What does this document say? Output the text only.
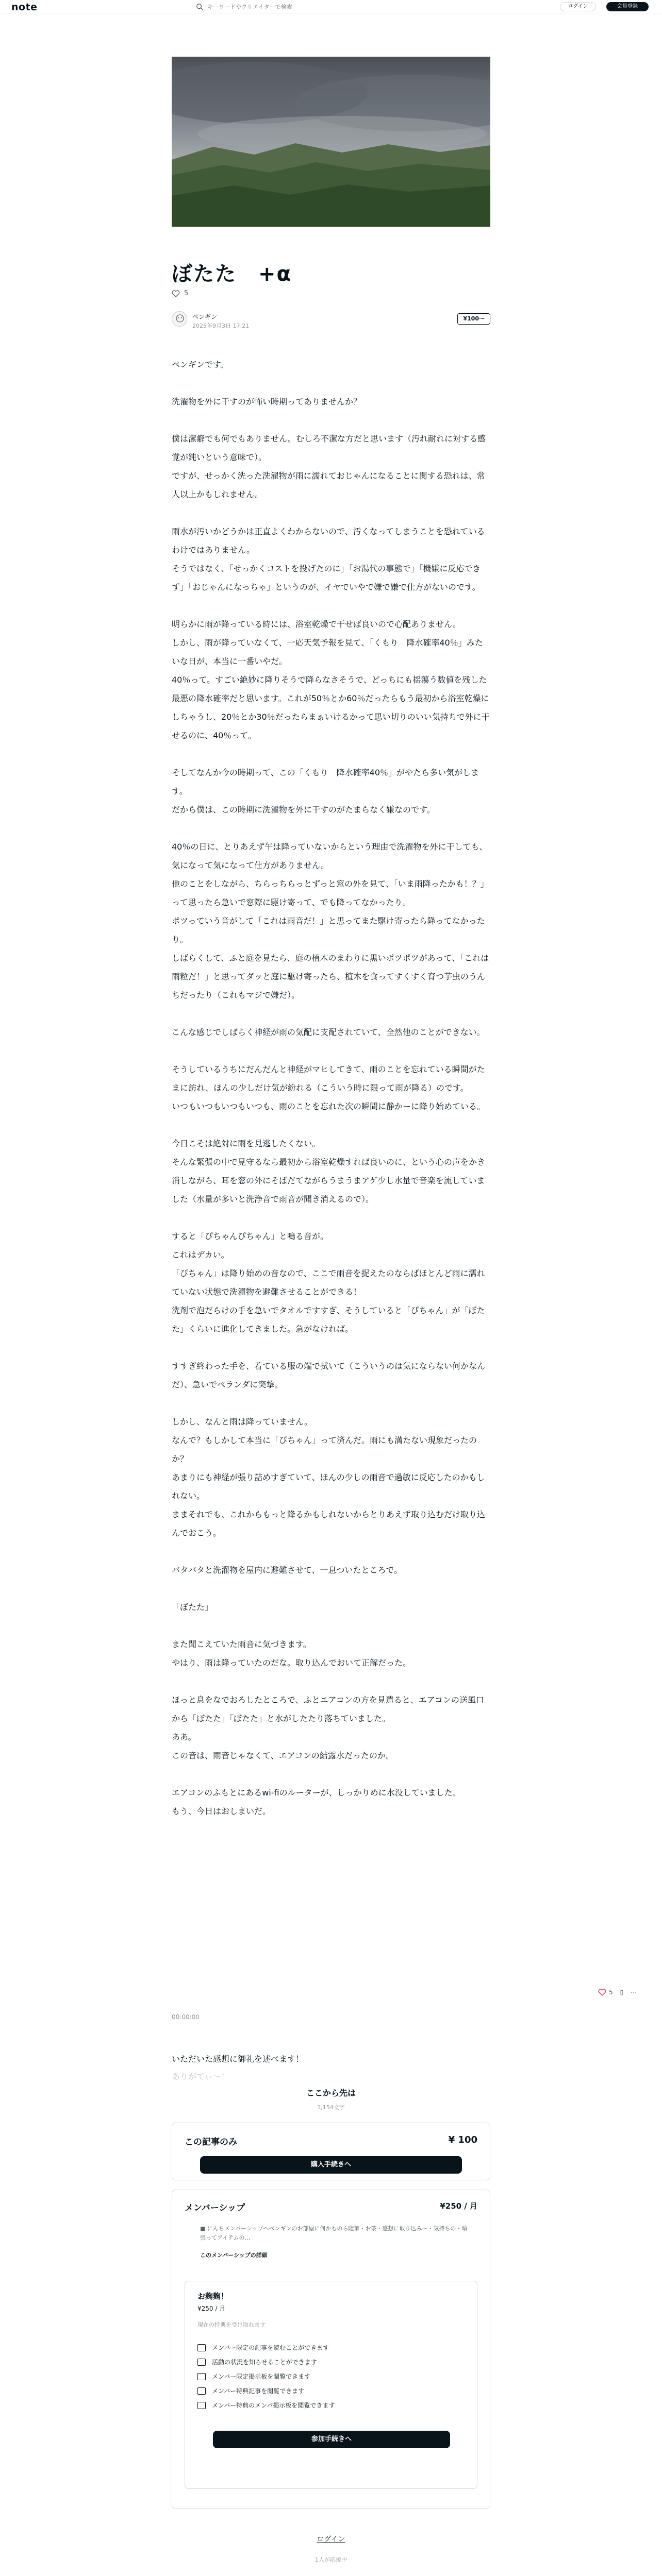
note
キーワードやクリエイターで検索	ログイン	会員登録
ぼたた　+α
5
ペンギン
2025年9月3日 17:21
¥100〜

ペンギンです。

洗濯物を外に干すのが怖い時期ってありませんか？

僕は潔癖でも何でもありません。むしろ不潔な方だと思います（汚れ耐れに対する感覚が鈍いという意味で）。
ですが、せっかく洗った洗濯物が雨に濡れておじゃんになることに関する恐れは、常人以上かもしれません。

雨水が汚いかどうかは正直よくわからないので、汚くなってしまうことを恐れているわけではありません。
そうではなく、「せっかくコストを投げたのに」「お湯代の事態で」「機嫌に反応できず」「おじゃんになっちゃ」というのが、イヤでいやで嫌で嫌で仕方がないのです。

明らかに雨が降っている時には、浴室乾燥で干せば良いので心配ありません。
しかし、雨が降っていなくて、一応天気予報を見て、「くもり　降水確率40％」みたいな日が、本当に一番いやだ。
40％って。すごい絶妙に降りそうで降らなさそうで、どっちにも揺蕩う数値を残した最悪の降水確率だと思います。これが50％とか60％だったらもう最初から浴室乾燥にしちゃうし、20％とか30％だったらまぁいけるかって思い切りのいい気持ちで外に干せるのに、40％って。

そしてなんか今の時期って、この「くもり　降水確率40％」がやたら多い気がします。
だから僕は、この時期に洗濯物を外に干すのがたまらなく嫌なのです。

40％の日に、とりあえず午は降っていないからという理由で洗濯物を外に干しても、気になって気になって仕方がありません。
他のことをしながら、ちらっちらっとずっと窓の外を見て、「いま雨降ったかも！？」って思ったら急いで窓際に駆け寄って、でも降ってなかったり。
ポツっていう音がして「これは雨音だ！」と思ってまた駆け寄ったら降ってなかったり。
しばらくして、ふと庭を見たら、庭の植木のまわりに黒いポツポツがあって、「これは雨粒だ！」と思ってダッと庭に駆け寄ったら、植木を食ってすくすく育つ芋虫のうんちだったり（これもマジで嫌だ）。

こんな感じでしばらく神経が雨の気配に支配されていて、全然他のことができない。

そうしているうちにだんだんと神経がマヒしてきて、雨のことを忘れている瞬間がたまに訪れ、ほんの少しだけ気が紛れる（こういう時に限って雨が降る）のです。
いつもいつもいつもいつも、雨のことを忘れた次の瞬間に静かーに降り始めている。

今日こそは絶対に雨を見逃したくない。
そんな緊張の中で見守るなら最初から浴室乾燥すれば良いのに、という心の声をかき消しながら、耳を窓の外にそばだてながらうまうまアゲ少し水量で音楽を流していました（水量が多いと洗浄音で雨音が聞き消えるので）。

すると「ぴちゃんぴちゃん」と鳴る音が。
これはデカい。
「ぴちゃん」は降り始めの音なので、ここで雨音を捉えたのならばほとんど雨に濡れていない状態で洗濯物を避難させることができる！
洗剤で泡だらけの手を急いでタオルですすぎ、そうしていると「ぴちゃん」が「ぼたた」くらいに進化してきました。急がなければ。

すすぎ終わった手を、着ている服の端で拭いて（こういうのは気にならない何かなんだ）、急いでベランダに突撃。

しかし、なんと雨は降っていません。
なんで？もしかして本当に「ぴちゃん」って済んだ。雨にも満たない現象だったのか？
あまりにも神経が張り詰めすぎていて、ほんの少しの雨音で過敏に反応したのかもしれない。
ままそれでも、これからもっと降るかもしれないからとりあえず取り込むだけ取り込んでおこう。

バタバタと洗濯物を屋内に避難させて、一息ついたところで。

「ぼたた」

また聞こえていた雨音に気づきます。
やはり、雨は降っていたのだな。取り込んでおいて正解だった。

ほっと息をなでおろしたところで、ふとエアコンの方を見遣ると、エアコンの送風口から「ぼたた」「ぼたた」と水がしたたり落ちていました。
ああ。
この音は、雨音じゃなくて、エアコンの結露水だったのか。

エアコンのふもとにあるwi-fiのルーターが、しっかりめに水没していました。
もう、今日はおしまいだ。

5 ▯ ⋯
00:00:00
いただいた感想に御礼を述べます！
ありがてぃ〜！
ここから先は
1,154文字
この記事のみ	¥ 100
購入手続きへ
メンバーシップ	¥250 / 月
■ にんちメンバーシップへペンギンのお部屋に何かものら随筆・お茶・感想に取り込み～・気持ちの・頑張ってアイテムの…
このメンバーシップの詳細
お麹麹！
¥250 / 月
現在の特典を受け取れます
メンバー限定の記事を読むことができます
活動の状況を知らせることができます
メンバー限定掲示板を閲覧できます
メンバー特典記事を閲覧できます
メンバー特典のメンバ掲示板を閲覧できます
参加手続きへ
ログイン
1人が応援中
